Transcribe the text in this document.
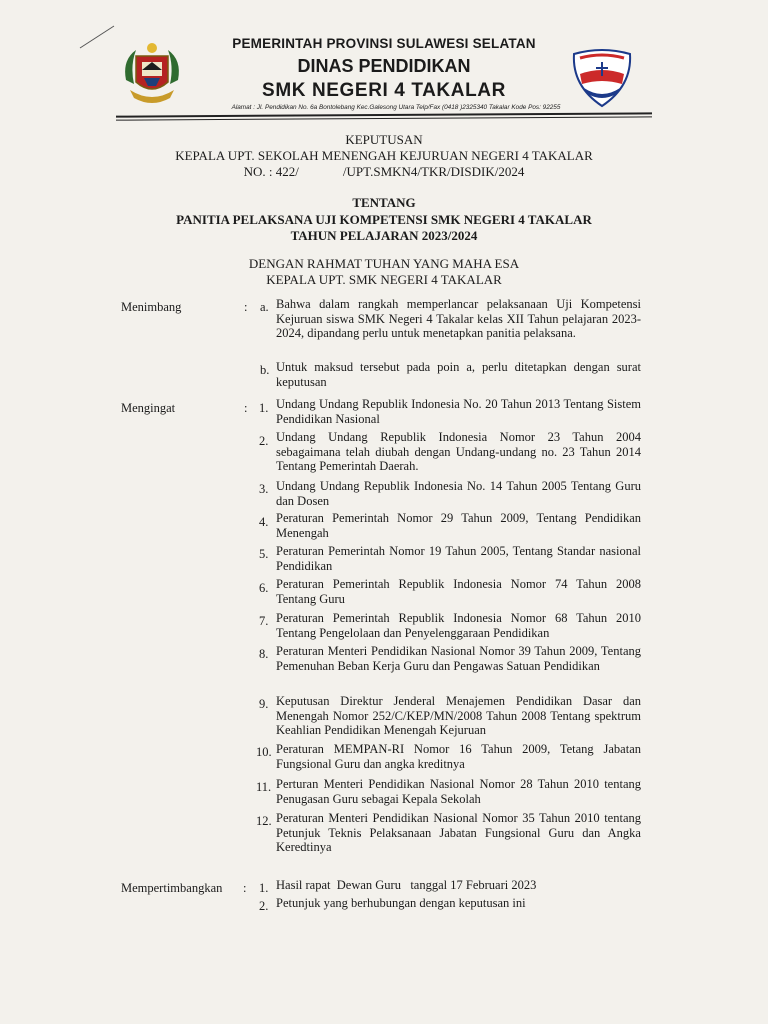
PEMERINTAH PROVINSI SULAWESI SELATAN
DINAS PENDIDIKAN
SMK NEGERI 4 TAKALAR
Alamat : Jl. Pendidikan No. 6a Bontolebang Kec.Galesong Utara Telp/Fax (0418 )2325340 Takalar Kode Pos: 92255
KEPUTUSAN
KEPALA UPT. SEKOLAH MENENGAH KEJURUAN NEGERI 4 TAKALAR
NO. : 422/	/UPT.SMKN4/TKR/DISDIK/2024
TENTANG
PANITIA PELAKSANA UJI KOMPETENSI SMK NEGERI 4 TAKALAR
TAHUN PELAJARAN 2023/2024
DENGAN RAHMAT TUHAN YANG MAHA ESA
KEPALA UPT. SMK NEGERI 4 TAKALAR
Menimbang	: a. Bahwa dalam rangkah memperlancar pelaksanaan Uji Kompetensi Kejuruan siswa SMK Negeri 4 Takalar kelas XII Tahun pelajaran 2023-2024, dipandang perlu untuk menetapkan panitia pelaksana.
b. Untuk maksud tersebut pada poin a, perlu ditetapkan dengan surat keputusan
Mengingat	: 1. Undang Undang Republik Indonesia No. 20 Tahun 2013 Tentang Sistem Pendidikan Nasional
2. Undang Undang Republik Indonesia Nomor 23 Tahun 2004 sebagaimana telah diubah dengan Undang-undang no. 23 Tahun 2014 Tentang Pemerintah Daerah.
3. Undang Undang Republik Indonesia No. 14 Tahun 2005 Tentang Guru dan Dosen
4. Peraturan Pemerintah Nomor 29 Tahun 2009, Tentang Pendidikan Menengah
5. Peraturan Pemerintah Nomor 19 Tahun 2005, Tentang Standar nasional Pendidikan
6. Peraturan Pemerintah Republik Indonesia Nomor 74 Tahun 2008 Tentang Guru
7. Peraturan Pemerintah Republik Indonesia Nomor 68 Tahun 2010 Tentang Pengelolaan dan Penyelenggaraan Pendidikan
8. Peraturan Menteri Pendidikan Nasional Nomor 39 Tahun 2009, Tentang Pemenuhan Beban Kerja Guru dan Pengawas Satuan Pendidikan
9. Keputusan Direktur Jenderal Menajemen Pendidikan Dasar dan Menengah Nomor 252/C/KEP/MN/2008 Tahun 2008 Tentang spektrum Keahlian Pendidikan Menengah Kejuruan
10. Peraturan MEMPAN-RI Nomor 16 Tahun 2009, Tetang Jabatan Fungsional Guru dan angka kreditnya
11. Perturan Menteri Pendidikan Nasional Nomor 28 Tahun 2010 tentang Penugasan Guru sebagai Kepala Sekolah
12. Peraturan Menteri Pendidikan Nasional Nomor 35 Tahun 2010 tentang Petunjuk Teknis Pelaksanaan Jabatan Fungsional Guru dan Angka Keredtinya
Mempertimbangkan : 1. Hasil rapat  Dewan Guru   tanggal 17 Februari 2023
2. Petunjuk yang berhubungan dengan keputusan ini
